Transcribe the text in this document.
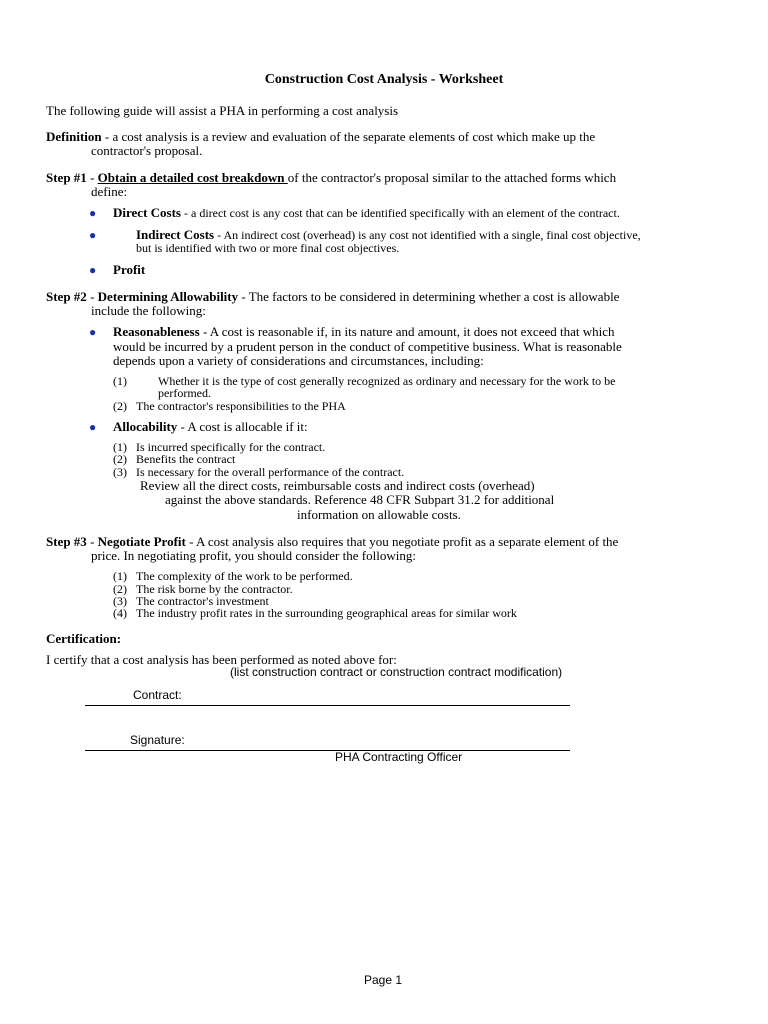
Construction Cost Analysis - Worksheet
The following guide will assist a PHA in performing a cost analysis
Definition - a cost analysis is a review and evaluation of the separate elements of cost which make up the
contractor's proposal.
Step #1 - Obtain a detailed cost breakdown of the contractor's proposal similar to the attached forms which
define:
● Direct Costs - a direct cost is any cost that can be identified specifically with an element of the contract.
●	Indirect Costs - An indirect cost (overhead) is any cost not identified with a single, final cost objective,
but is identified with two or more final cost objectives.
● Profit
Step #2 - Determining Allowability - The factors to be considered in determining whether a cost is allowable
include the following:
● Reasonableness - A cost is reasonable if, in its nature and amount, it does not exceed that which
would be incurred by a prudent person in the conduct of competitive business. What is reasonable
depends upon a variety of considerations and circumstances, including:
(1)	Whether it is the type of cost generally recognized as ordinary and necessary for the work to be
performed.
(2) The contractor's responsibilities to the PHA
● Allocability - A cost is allocable if it:
(1) Is incurred specifically for the contract.
(2) Benefits the contract
(3) Is necessary for the overall performance of the contract.
Review all the direct costs, reimbursable costs and indirect costs (overhead)
against the above standards. Reference 48 CFR Subpart 31.2 for additional
information on allowable costs.
Step #3 - Negotiate Profit - A cost analysis also requires that you negotiate profit as a separate element of the
price. In negotiating profit, you should consider the following:
(1) The complexity of the work to be performed.
(2) The risk borne by the contractor.
(3) The contractor's investment
(4) The industry profit rates in the surrounding geographical areas for similar work
Certification:
I certify that a cost analysis has been performed as noted above for:
(list construction contract or construction contract modification)
Contract:
Signature:
PHA Contracting Officer
Page 1
